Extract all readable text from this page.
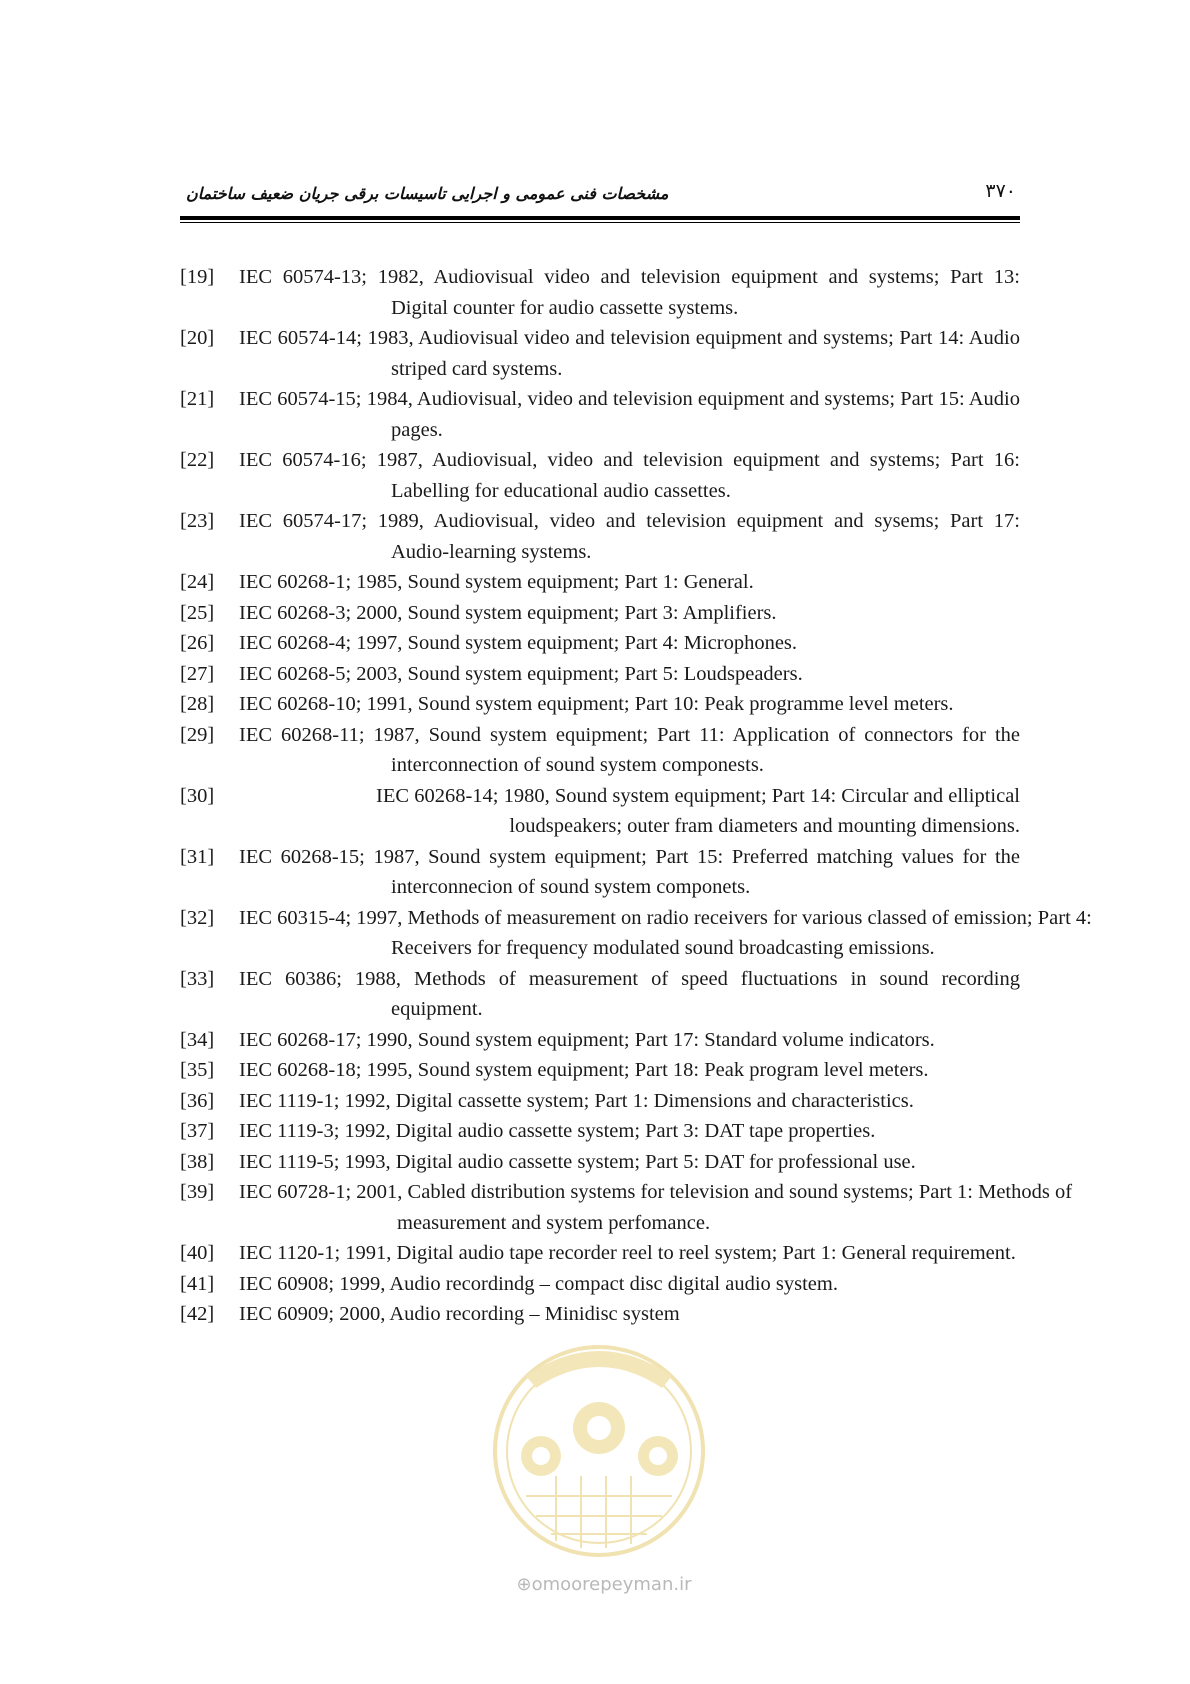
مشخصات فنی عمومی و اجرایی تاسیسات برقی جریان ضعیف ساختمان	۳۷۰
[19]	IEC 60574-13; 1982, Audiovisual video and television equipment and systems; Part 13: Digital counter for audio cassette systems.
[20]	IEC 60574-14; 1983, Audiovisual video and television equipment and systems; Part 14: Audio striped card systems.
[21]	IEC 60574-15; 1984, Audiovisual, video and television equipment and systems; Part 15: Audio pages.
[22]	IEC 60574-16; 1987, Audiovisual, video and television equipment and systems; Part 16: Labelling for educational audio cassettes.
[23]	IEC 60574-17; 1989, Audiovisual, video and television equipment and sysems; Part 17: Audio-learning systems.
[24]	IEC 60268-1; 1985, Sound system equipment; Part 1: General.
[25]	IEC 60268-3; 2000, Sound system equipment; Part 3: Amplifiers.
[26]	IEC 60268-4; 1997, Sound system equipment; Part 4: Microphones.
[27]	IEC 60268-5; 2003, Sound system equipment; Part 5: Loudspeaders.
[28]	IEC 60268-10; 1991, Sound system equipment; Part 10: Peak programme level meters.
[29]	IEC 60268-11; 1987, Sound system equipment; Part 11: Application of connectors for the interconnection of sound system componests.
[30]	IEC 60268-14; 1980, Sound system equipment; Part 14: Circular and elliptical loudspeakers; outer fram diameters and mounting dimensions.
[31]	IEC 60268-15; 1987, Sound system equipment; Part 15: Preferred matching values for the interconnecion of sound system componets.
[32]	IEC 60315-4; 1997, Methods of measurement on radio receivers for various classed of emission; Part 4: Receivers for frequency modulated sound broadcasting emissions.
[33]	IEC 60386; 1988, Methods of measurement of speed fluctuations in sound recording equipment.
[34]	IEC 60268-17; 1990, Sound system equipment; Part 17: Standard volume indicators.
[35]	IEC 60268-18; 1995, Sound system equipment; Part 18: Peak program level meters.
[36]	IEC 1119-1; 1992, Digital cassette system; Part 1: Dimensions and characteristics.
[37]	IEC 1119-3; 1992, Digital audio cassette system; Part 3: DAT tape properties.
[38]	IEC 1119-5; 1993, Digital audio cassette system; Part 5: DAT for professional use.
[39]	IEC 60728-1; 2001, Cabled distribution systems for television and sound systems; Part 1: Methods of measurement and system perfomance.
[40]	IEC 1120-1; 1991, Digital audio tape recorder reel to reel system; Part 1: General requirement.
[41]	IEC 60908; 1999, Audio recordindg – compact disc digital audio system.
[42]	IEC 60909; 2000, Audio recording – Minidisc system
⊕omoorepeyman.ir
